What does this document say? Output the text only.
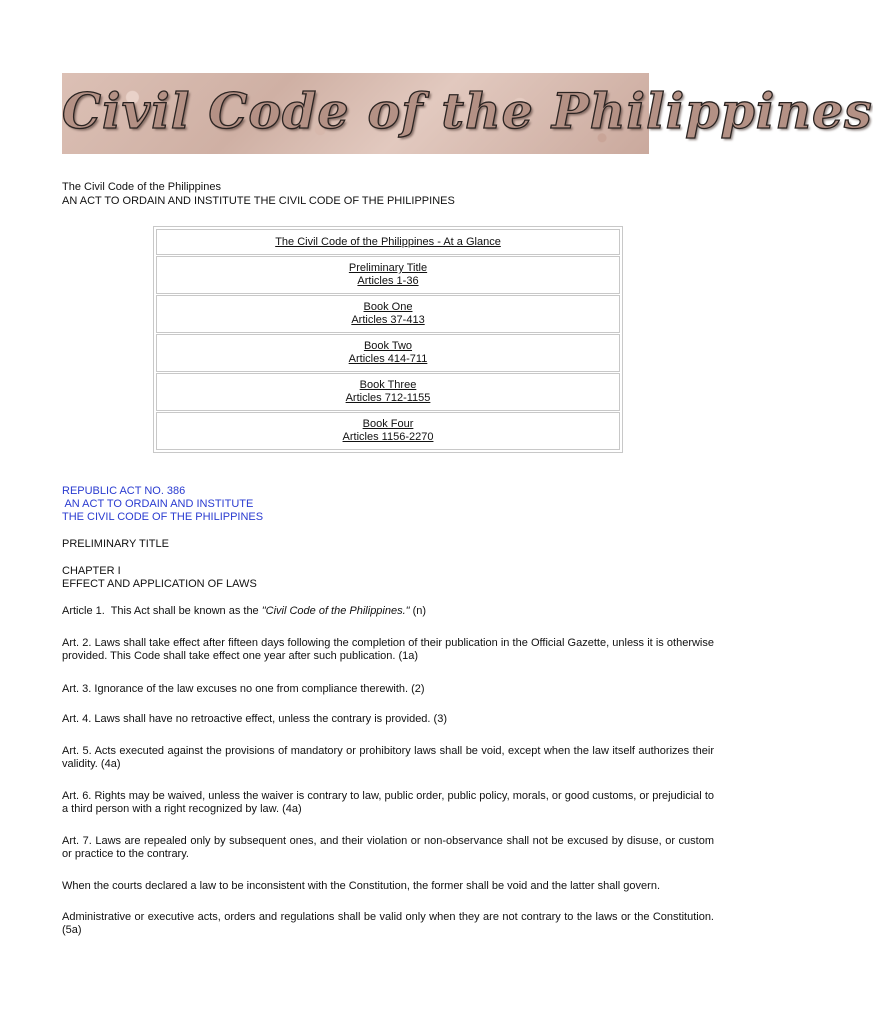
Civil Code of the Philippines
The Civil Code of the Philippines
AN ACT TO ORDAIN AND INSTITUTE THE CIVIL CODE OF THE PHILIPPINES
The Civil Code of the Philippines - At a Glance
Preliminary Title
Articles 1-36
Book One
Articles 37-413
Book Two
Articles 414-711
Book Three
Articles 712-1155
Book Four
Articles 1156-2270
REPUBLIC ACT NO. 386
AN ACT TO ORDAIN AND INSTITUTE
THE CIVIL CODE OF THE PHILIPPINES
PRELIMINARY TITLE
CHAPTER I
EFFECT AND APPLICATION OF LAWS
Article 1.  This Act shall be known as the "Civil Code of the Philippines." (n)
Art. 2. Laws shall take effect after fifteen days following the completion of their publication in the Official Gazette, unless it is otherwise provided. This Code shall take effect one year after such publication. (1a)
Art. 3. Ignorance of the law excuses no one from compliance therewith. (2)
Art. 4. Laws shall have no retroactive effect, unless the contrary is provided. (3)
Art. 5. Acts executed against the provisions of mandatory or prohibitory laws shall be void, except when the law itself authorizes their validity. (4a)
Art. 6. Rights may be waived, unless the waiver is contrary to law, public order, public policy, morals, or good customs, or prejudicial to a third person with a right recognized by law. (4a)
Art. 7. Laws are repealed only by subsequent ones, and their violation or non-observance shall not be excused by disuse, or custom or practice to the contrary.
When the courts declared a law to be inconsistent with the Constitution, the former shall be void and the latter shall govern.
Administrative or executive acts, orders and regulations shall be valid only when they are not contrary to the laws or the Constitution. (5a)
